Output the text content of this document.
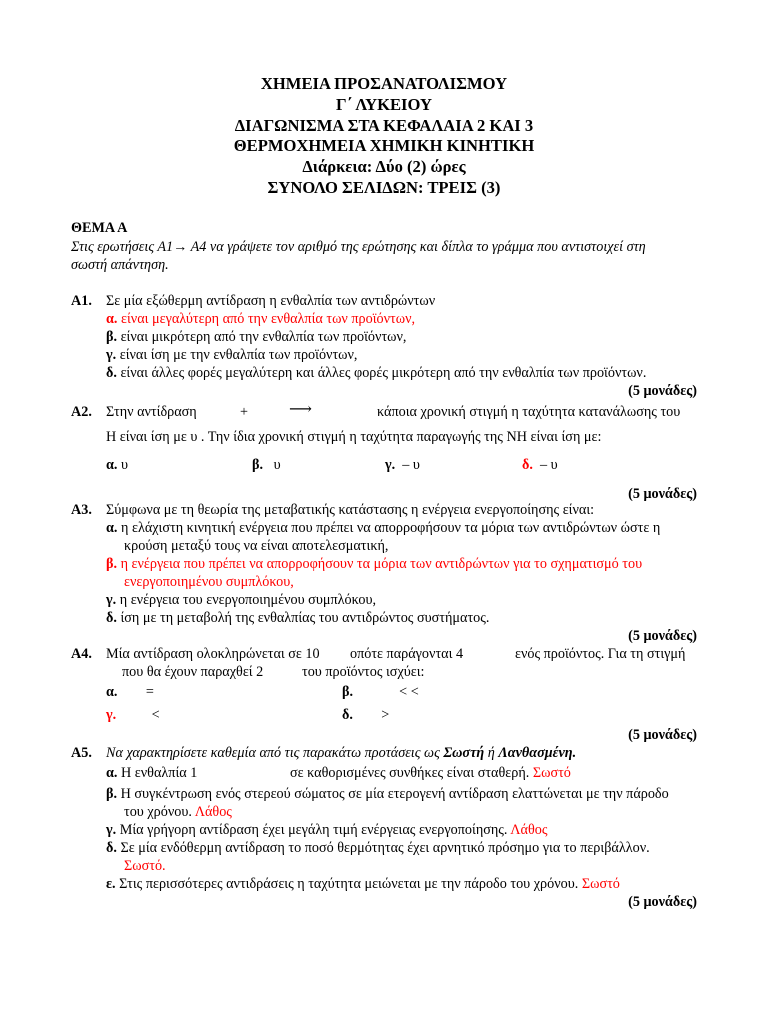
ΧΗΜΕΙΑ ΠΡΟΣΑΝΑΤΟΛΙΣΜΟΥ
Γ΄ ΛΥΚΕΙΟΥ
ΔΙΑΓΩΝΙΣΜΑ ΣΤΑ ΚΕΦΑΛΑΙΑ 2 ΚΑΙ 3
ΘΕΡΜΟΧΗΜΕΙΑ ΧΗΜΙΚΗ ΚΙΝΗΤΙΚΗ
Διάρκεια: Δύο (2) ώρες
ΣΥΝΟΛΟ ΣΕΛΙΔΩΝ: ΤΡΕΙΣ (3)
ΘΕΜΑ Α
Στις ερωτήσεις Α1→ Α4 να γράψετε τον αριθμό της ερώτησης και δίπλα το γράμμα που αντιστοιχεί στη
σωστή απάντηση.
Α1. Σε μία εξώθερμη αντίδραση η ενθαλπία των αντιδρώντων
α. είναι μεγαλύτερη από την ενθαλπία των προϊόντων,
β. είναι μικρότερη από την ενθαλπία των προϊόντων,
γ. είναι ίση με την ενθαλπία των προϊόντων,
δ. είναι άλλες φορές μεγαλύτερη και άλλες φορές μικρότερη από την ενθαλπία των προϊόντων.
(5 μονάδες)
Α2. Στην αντίδραση	+	⟶	κάποια χρονική στιγμή η ταχύτητα κατανάλωσης του
Η είναι ίση με υ . Την ίδια χρονική στιγμή η ταχύτητα παραγωγής της ΝΗ είναι ίση με:
α. υ	β. υ	γ. – υ	δ. – υ
(5 μονάδες)
Α3. Σύμφωνα με τη θεωρία της μεταβατικής κατάστασης η ενέργεια ενεργοποίησης είναι:
α. η ελάχιστη κινητική ενέργεια που πρέπει να απορροφήσουν τα μόρια των αντιδρώντων ώστε η
κρούση μεταξύ τους να είναι αποτελεσματική,
β. η ενέργεια που πρέπει να απορροφήσουν τα μόρια των αντιδρώντων για το σχηματισμό του
ενεργοποιημένου συμπλόκου,
γ. η ενέργεια του ενεργοποιημένου συμπλόκου,
δ. ίση με τη μεταβολή της ενθαλπίας του αντιδρώντος συστήματος.
(5 μονάδες)
Α4. Μία αντίδραση ολοκληρώνεται σε 10 οπότε παράγονται 4	ενός προϊόντος. Για τη στιγμή
που θα έχουν παραχθεί 2	του προϊόντος ισχύει:
α. =	β.	< <
γ. <	δ. >
(5 μονάδες)
Α5. Να χαρακτηρίσετε καθεμία από τις παρακάτω προτάσεις ως Σωστή ή Λανθασμένη.
α. Η ενθαλπία 1	σε καθορισμένες συνθήκες είναι σταθερή. Σωστό
β. Η συγκέντρωση ενός στερεού σώματος σε μία ετερογενή αντίδραση ελαττώνεται με την πάροδο
του χρόνου. Λάθος
γ. Μία γρήγορη αντίδραση έχει μεγάλη τιμή ενέργειας ενεργοποίησης. Λάθος
δ. Σε μία ενδόθερμη αντίδραση το ποσό θερμότητας έχει αρνητικό πρόσημο για το περιβάλλον.
Σωστό.
ε. Στις περισσότερες αντιδράσεις η ταχύτητα μειώνεται με την πάροδο του χρόνου. Σωστό
(5 μονάδες)
